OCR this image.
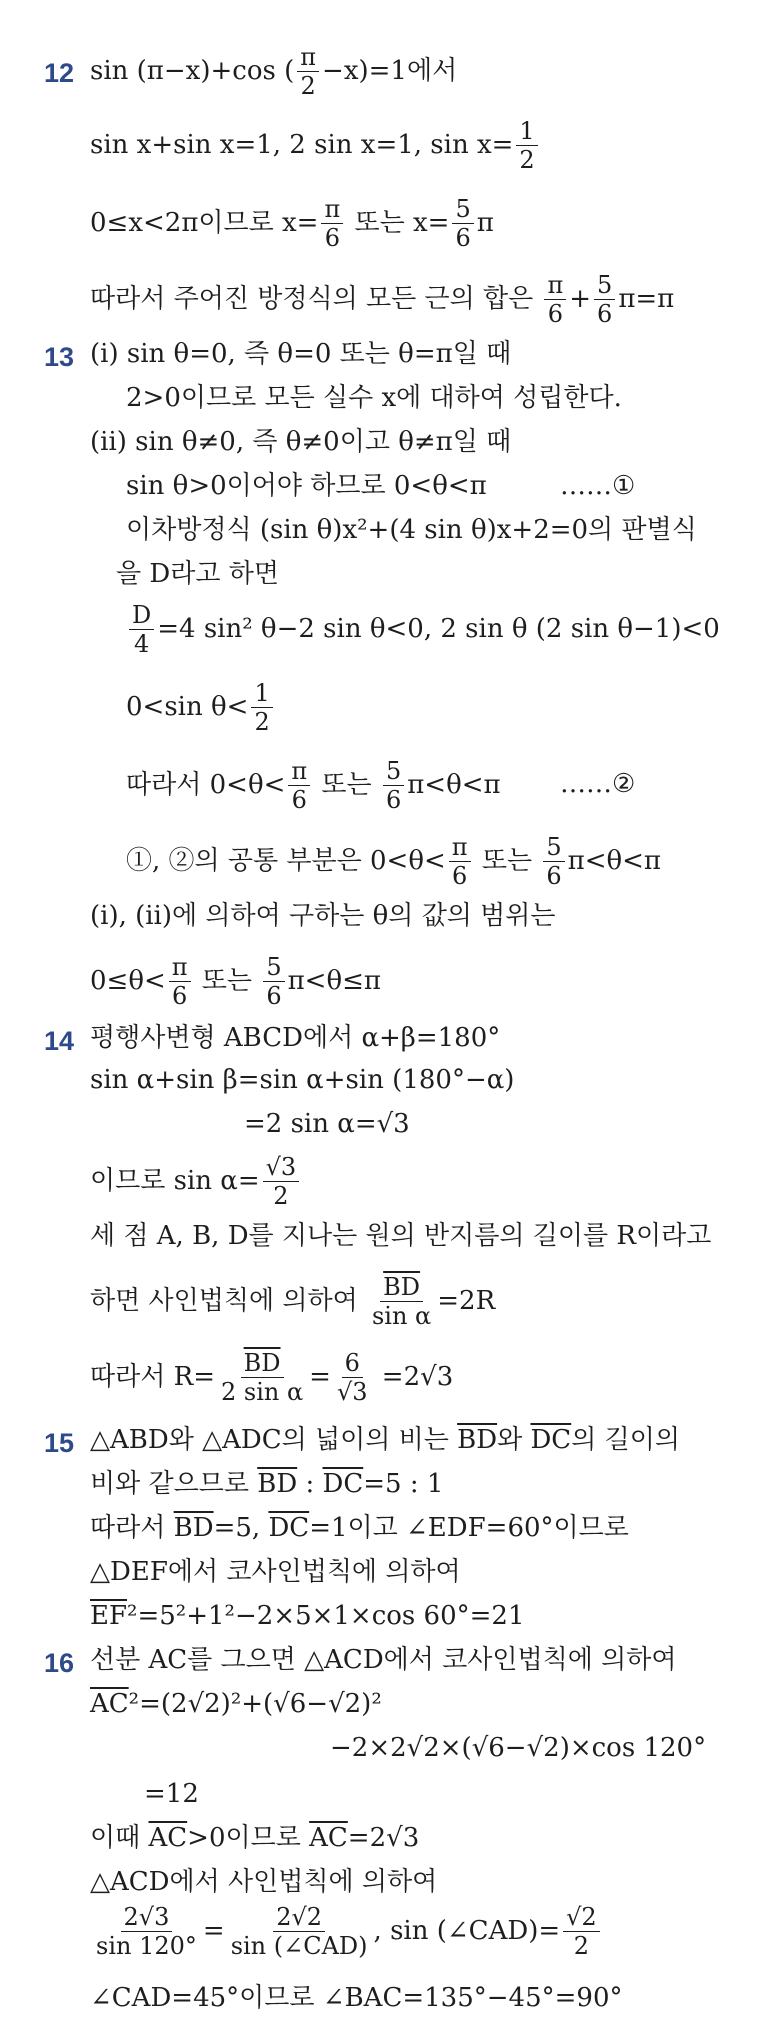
12 sin (π−x)+cos ( $\frac{\pi}{2} -x)=1$에서
sin x+sin x=1, 2 sin x=1, $\sin x= \frac{1}{2}$
0≤x<2π이므로 $x= \frac{\pi}{6}$ 또는 $x= \frac{5}{6}$ π
따라서 주어진 방정식의 모든 근의 합은 $\frac{\pi}{6} + \frac{5}{6} \pi=\pi$
13 (ⅰ) sin θ=0, 즉 θ=0 또는 θ=π일 때
2>0이므로 모든 실수 x에 대하여 성립한다.
(ⅱ) sin θ≠0, 즉 θ≠0이고 θ≠π일 때
sin θ>0이어야 하므로 0<θ<π	……①
이차방정식 (sin θ)x²+(4 sin θ)x+2=0의 판별식
을 D라고 하면
$\frac{D}{4} =4$ sin² θ−2 sin θ<0, 2 sin θ (2 sin θ−1)<0
0<sin $\theta< \frac{1}{2}$
따라서 $0<\theta< \frac{\pi}{6}$ 또는 $\frac{5}{6} \pi<\theta<\pi$ ……②
①, ②의 공통 부분은 $0<\theta< \frac{\pi}{6}$ 또는 $\frac{5}{6} \pi<\theta<\pi$
(ⅰ), (ⅱ)에 의하여 구하는 θ의 값의 범위는
$0\le\theta< \frac{\pi}{6}$ 또는 $\frac{5}{6} \pi<\theta\le\pi$
14 평행사변형 ABCD에서 α+β=180°
sin α+sin β=sin α+sin (180°−α)
=2 sin α=√3
이므로 $\sin \alpha= \frac{√3}{2}$
세 점 A, B, D를 지나는 원의 반지름의 길이를 R이라고
하면 사인법칙에 의하여 $\frac{\overline{BD}}{\text{sin α}} =2R$
따라서 $R= \frac{\overline{BD}}{\text{2 sin α}} = \frac{6}{√3} =2√3$
15 △ABD와 △ADC의 넓이의 비는 $\overline{BD}$와 $\overline{DC}$의 길이의
비와 같으므로 $\overline{BD}$ : $\overline{DC}=5$ : 1
따라서 $\overline{BD}=5$, $\overline{DC}=1$이고 ∠EDF=60°이므로
△DEF에서 코사인법칙에 의하여
$\overline{EF}^2=5^2+1^2-2\times 5\times 1\times\cos$ 60°=21
16 선분 AC를 그으면 △ACD에서 코사인법칙에 의하여
$\overline{AC}^2=(2√2)^2+(√6-√2)^2$
−2×2√2×(√6−√2)×cos 120°
=12
이때 $\overline{AC}>0$이므로 $\overline{AC}=2√3$
△ACD에서 사인법칙에 의하여
$\frac{2√3}{\sin 120^\circ} = \frac{2√2}{\text{sin (∠CAD)}}$ , sin (∠CAD)= $\frac{√2}{2}$
∠CAD=45°이므로 ∠BAC=135°−45°=90°
